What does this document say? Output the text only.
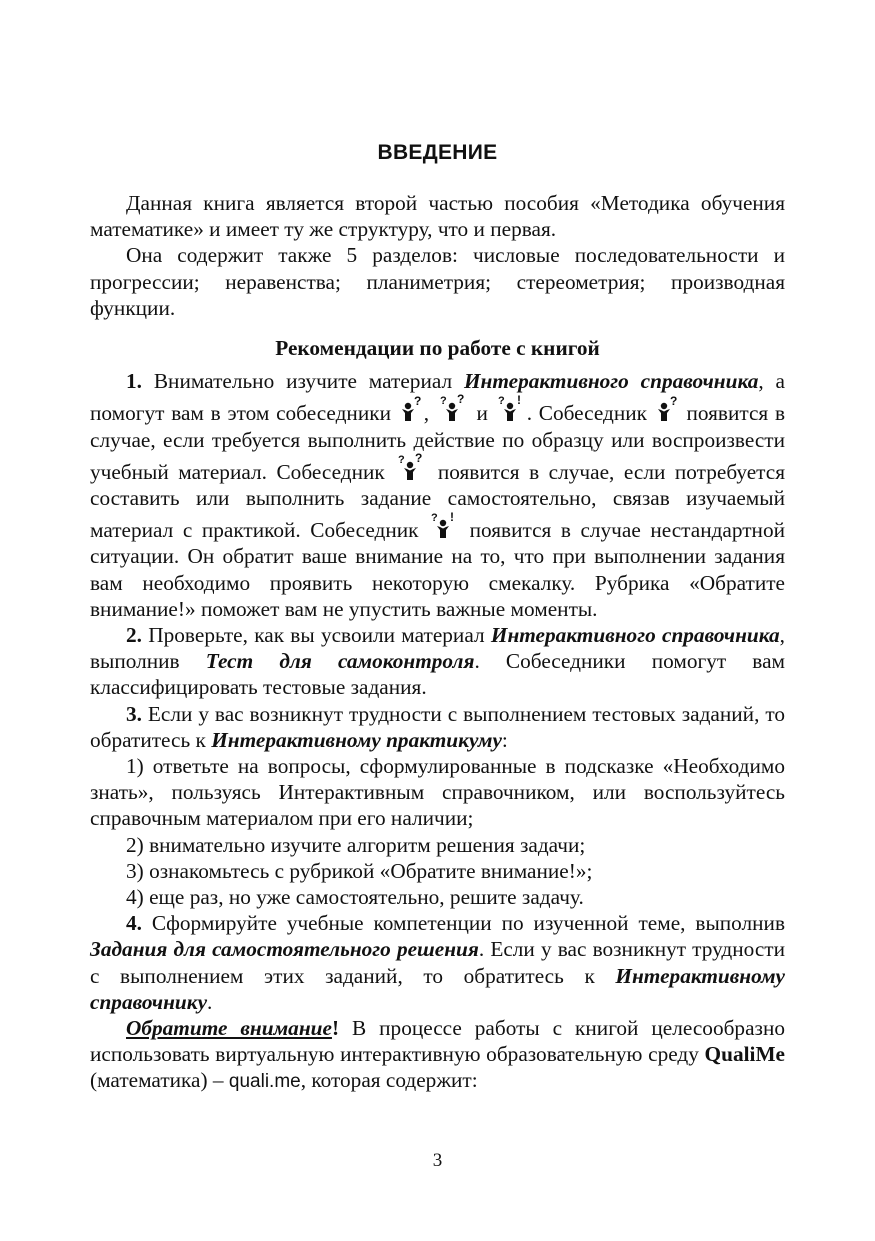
ВВЕДЕНИЕ

Данная книга является второй частью пособия «Методика обучения математике» и имеет ту же структуру, что и первая.

Она содержит также 5 разделов: числовые последовательности и прогрессии; неравенства; планиметрия; стереометрия; производная функции.

Рекомендации по работе с книгой

1. Внимательно изучите материал Интерактивного справочника, а помогут вам в этом собеседники ? , ? ?
и ? !
. Собеседник ? появится в случае, если требуется выполнить действие по образцу или воспроизвести учебный материал. Собеседник ? ?
появится в случае, если потребуется составить или выполнить задание самостоятельно, связав изучаемый материал с практикой. Собеседник ? !
появится в случае нестандартной ситуации. Он обратит ваше внимание на то, что при выполнении задания вам необходимо проявить некоторую смекалку. Рубрика «Обратите внимание!» поможет вам не упустить важные моменты.

2. Проверьте, как вы усвоили материал Интерактивного справочника, выполнив Тест для самоконтроля. Собеседники помогут вам классифицировать тестовые задания.

3. Если у вас возникнут трудности с выполнением тестовых заданий, то обратитесь к Интерактивному практикуму:

1) ответьте на вопросы, сформулированные в подсказке «Необходимо знать», пользуясь Интерактивным справочником, или воспользуйтесь справочным материалом при его наличии;

2) внимательно изучите алгоритм решения задачи;

3) ознакомьтесь с рубрикой «Обратите внимание!»;

4) еще раз, но уже самостоятельно, решите задачу.

4. Сформируйте учебные компетенции по изученной теме, выполнив Задания для самостоятельного решения. Если у вас возникнут трудности с выполнением этих заданий, то обратитесь к Интерактивному справочнику.

Обратите внимание! В процессе работы с книгой целесообразно использовать виртуальную интерактивную образовательную среду QualiMe (математика) – quali.me, которая содержит:

3
